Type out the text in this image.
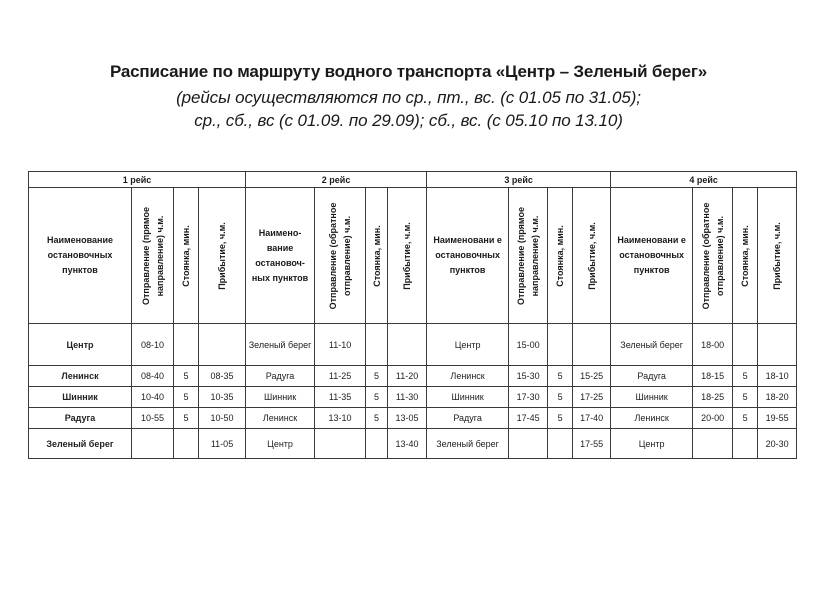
Расписание по маршруту водного транспорта «Центр – Зеленый берег»
(рейсы осуществляются по ср., пт., вс. (с 01.05 по 31.05);
ср., сб., вс (с 01.09. по 29.09); сб., вс. (с 05.10 по 13.10)
1 рейс				2 рейс				3 рейс				4 рейс			
Наименование остановочных пунктов	Отправление (прямое направление) ч.м.	Стоянка, мин.	Прибытие, ч.м.	Наимено-вание остановоч-ных пунктов	Отправление (обратное отправление) ч.м.	Стоянка, мин.	Прибытие, ч.м.	Наименовани е остановочных пунктов	Отправление (прямое направление) ч.м.	Стоянка, мин.	Прибытие, ч.м.	Наименовани е остановочных пунктов	Отправление (обратное отправление) ч.м.	Стоянка, мин.	Прибытие, ч.м.

Центр	08-10			Зеленый берег	11-10			Центр	15-00			Зеленый берег	18-00		
Ленинск	08-40	5	08-35	Радуга	11-25	5	11-20	Ленинск	15-30	5	15-25	Радуга	18-15	5	18-10
Шинник	10-40	5	10-35	Шинник	11-35	5	11-30	Шинник	17-30	5	17-25	Шинник	18-25	5	18-20
Радуга	10-55	5	10-50	Ленинск	13-10	5	13-05	Радуга	17-45	5	17-40	Ленинск	20-00	5	19-55
Зеленый берег			11-05	Центр			13-40	Зеленый берег			17-55	Центр			20-30
